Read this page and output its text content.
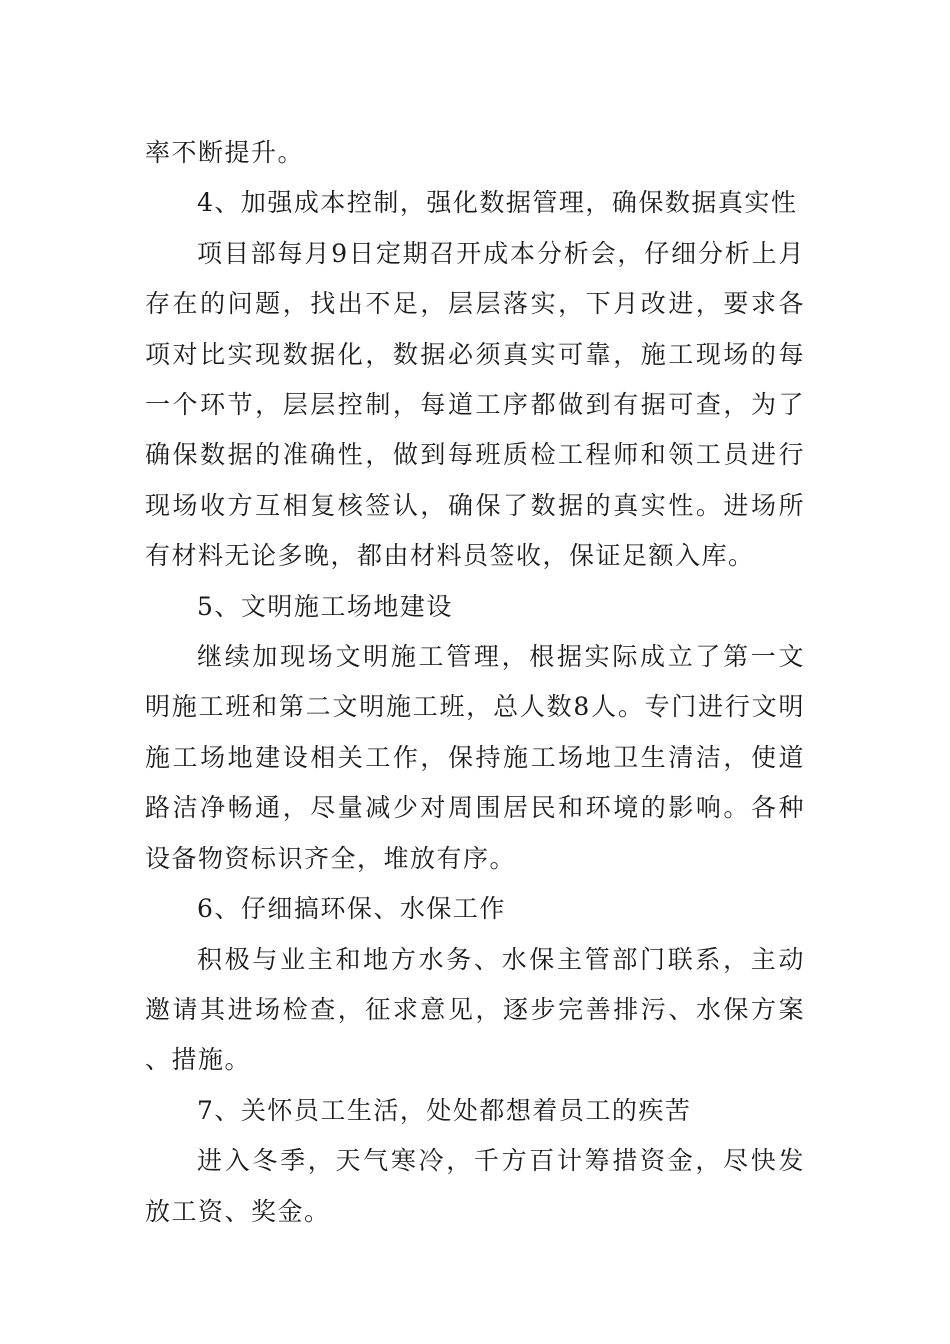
率不断提升。

4、加强成本控制，强化数据管理，确保数据真实性

项目部每月9日定期召开成本分析会，仔细分析上月存在的问题，找出不足，层层落实，下月改进，要求各项对比实现数据化，数据必须真实可靠，施工现场的每一个环节，层层控制，每道工序都做到有据可查，为了确保数据的准确性，做到每班质检工程师和领工员进行现场收方互相复核签认，确保了数据的真实性。进场所有材料无论多晚，都由材料员签收，保证足额入库。

5、文明施工场地建设

继续加现场文明施工管理，根据实际成立了第一文明施工班和第二文明施工班，总人数8人。专门进行文明施工场地建设相关工作，保持施工场地卫生清洁，使道路洁净畅通，尽量减少对周围居民和环境的影响。各种设备物资标识齐全，堆放有序。

6、仔细搞环保、水保工作

积极与业主和地方水务、水保主管部门联系，主动邀请其进场检查，征求意见，逐步完善排污、水保方案、措施。

7、关怀员工生活，处处都想着员工的疾苦

进入冬季，天气寒冷，千方百计筹措资金，尽快发放工资、奖金。
